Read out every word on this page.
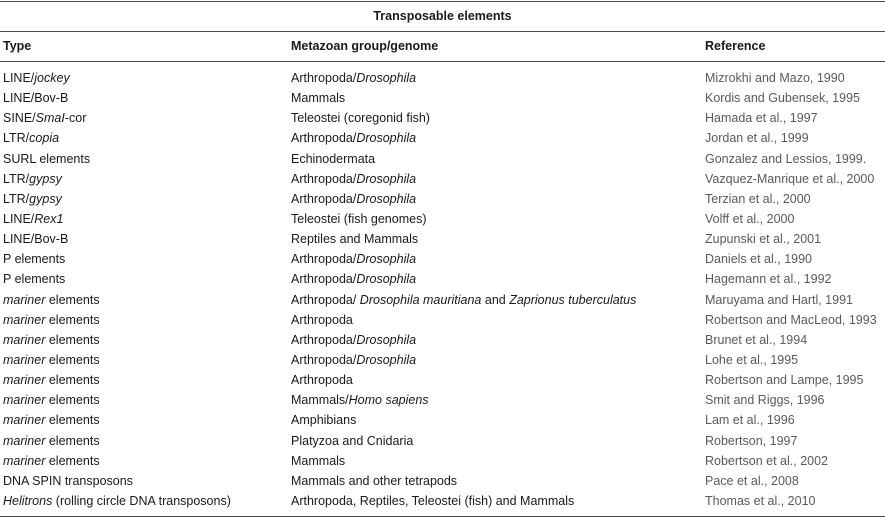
Transposable elements
Type	Metazoan group/genome	Reference
LINE/jockey	Arthropoda/Drosophila	Mizrokhi and Mazo, 1990
LINE/Bov-B	Mammals	Kordis and Gubensek, 1995
SINE/SmaI-cor	Teleostei (coregonid fish)	Hamada et al., 1997
LTR/copia	Arthropoda/Drosophila	Jordan et al., 1999
SURL elements	Echinodermata	Gonzalez and Lessios, 1999.
LTR/gypsy	Arthropoda/Drosophila	Vazquez-Manrique et al., 2000
LTR/gypsy	Arthropoda/Drosophila	Terzian et al., 2000
LINE/Rex1	Teleostei (fish genomes)	Volff et al., 2000
LINE/Bov-B	Reptiles and Mammals	Zupunski et al., 2001
P elements	Arthropoda/Drosophila	Daniels et al., 1990
P elements	Arthropoda/Drosophila	Hagemann et al., 1992
mariner elements	Arthropoda/ Drosophila mauritiana and Zaprionus tuberculatus	Maruyama and Hartl, 1991
mariner elements	Arthropoda	Robertson and MacLeod, 1993
mariner elements	Arthropoda/Drosophila	Brunet et al., 1994
mariner elements	Arthropoda/Drosophila	Lohe et al., 1995
mariner elements	Arthropoda	Robertson and Lampe, 1995
mariner elements	Mammals/Homo sapiens	Smit and Riggs, 1996
mariner elements	Amphibians	Lam et al., 1996
mariner elements	Platyzoa and Cnidaria	Robertson, 1997
mariner elements	Mammals	Robertson et al., 2002
DNA SPIN transposons	Mammals and other tetrapods	Pace et al., 2008
Helitrons (rolling circle DNA transposons)	Arthropoda, Reptiles, Teleostei (fish) and Mammals	Thomas et al., 2010
